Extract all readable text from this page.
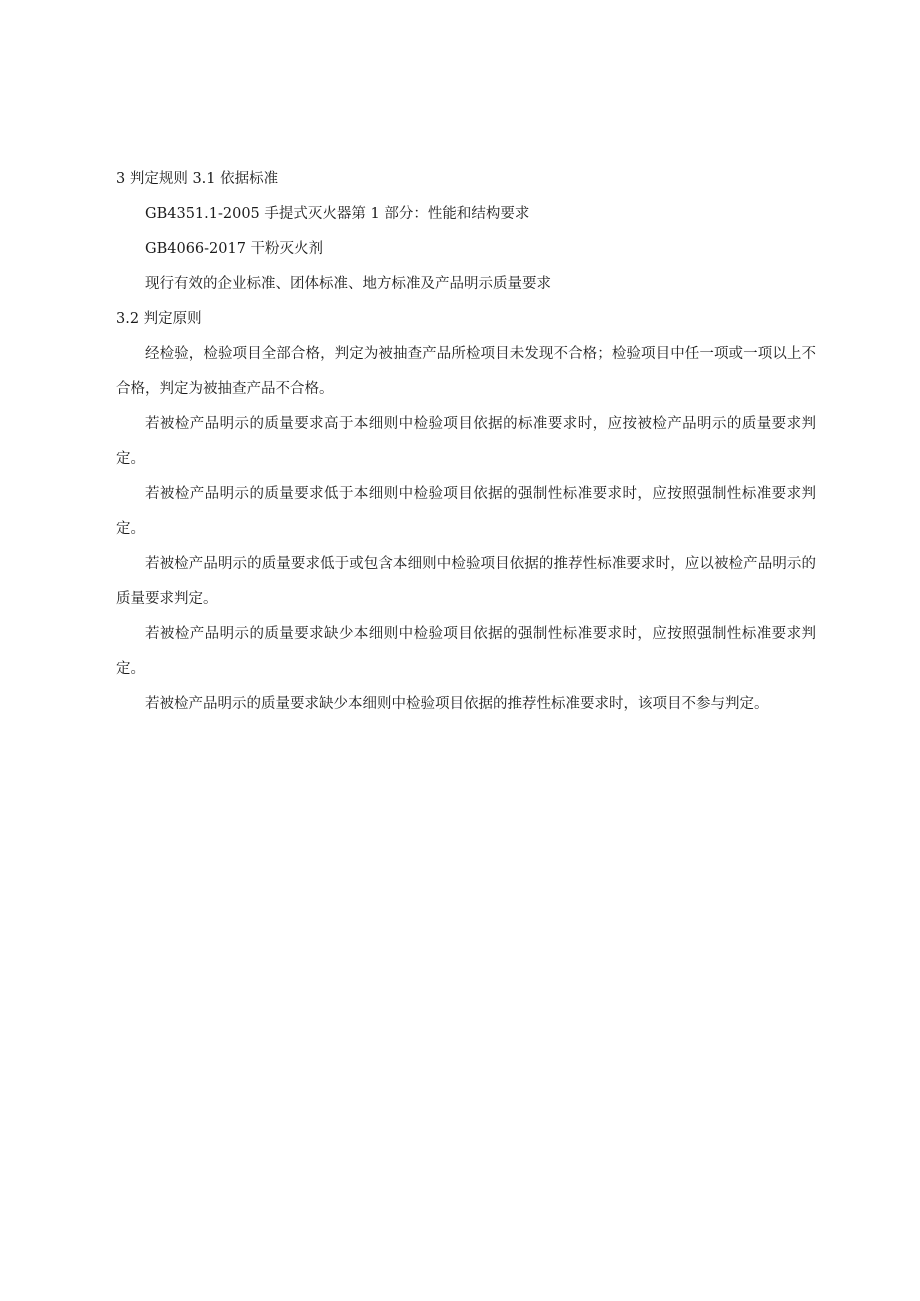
3 判定规则 3.1 依据标准

GB4351.1-2005 手提式灭火器第 1 部分：性能和结构要求

GB4066-2017 干粉灭火剂

现行有效的企业标准、团体标准、地方标准及产品明示质量要求

3.2 判定原则

经检验，检验项目全部合格，判定为被抽查产品所检项目未发现不合格；检验项目中任一项或一项以上不合格，判定为被抽查产品不合格。

若被检产品明示的质量要求高于本细则中检验项目依据的标准要求时，应按被检产品明示的质量要求判定。

若被检产品明示的质量要求低于本细则中检验项目依据的强制性标准要求时，应按照强制性标准要求判定。

若被检产品明示的质量要求低于或包含本细则中检验项目依据的推荐性标准要求时，应以被检产品明示的质量要求判定。

若被检产品明示的质量要求缺少本细则中检验项目依据的强制性标准要求时，应按照强制性标准要求判定。

若被检产品明示的质量要求缺少本细则中检验项目依据的推荐性标准要求时，该项目不参与判定。
